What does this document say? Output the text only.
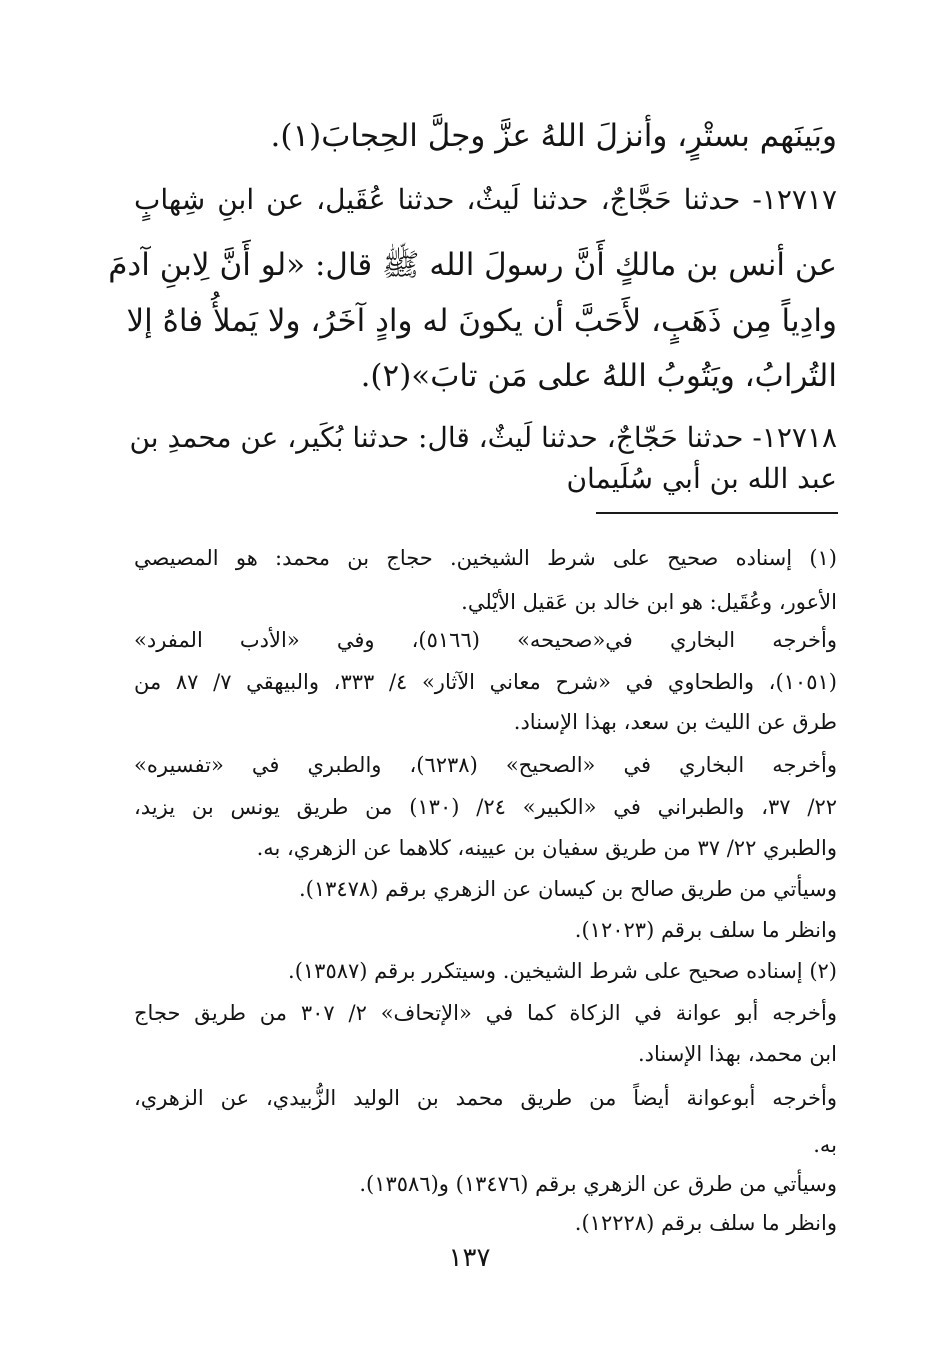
وبَينَهم بستْرٍ، وأنزلَ اللهُ عزَّ وجلَّ الحِجابَ(١).

١٢٧١٧- حدثنا حَجَّاجٌ، حدثنا لَيثٌ، حدثنا عُقَيل، عن ابنِ شِهابٍ

عن أنس بن مالكٍ أَنَّ رسولَ الله ﷺ قال: «لو أَنَّ لِابنِ آدمَ

وادِياً مِن ذَهَبٍ، لأَحَبَّ أن يكونَ له وادٍ آخَرُ، ولا يَملأُ فاهُ إلا

التُرابُ، ويَتُوبُ اللهُ على مَن تابَ»(٢).

١٢٧١٨- حدثنا حَجّاجٌ، حدثنا لَيثٌ، قال: حدثنا بُكَير، عن محمدِ بن

عبد الله بن أبي سُلَيمان

(١) إسناده صحيح على شرط الشيخين. حجاج بن محمد: هو المصيصي

الأعور، وعُقَيل: هو ابن خالد بن عَقيل الأيْلي.

وأخرجه البخاري في«صحيحه» (٥١٦٦)، وفي «الأدب المفرد»

(١٠٥١)، والطحاوي في «شرح معاني الآثار» ٤/ ٣٣٣، والبيهقي ٧/ ٨٧ من

طرق عن الليث بن سعد، بهذا الإسناد.

وأخرجه البخاري في «الصحيح» (٦٢٣٨)، والطبري في «تفسيره»

٢٢/ ٣٧، والطبراني في «الكبير» ٢٤/ (١٣٠) من طريق يونس بن يزيد،

والطبري ٢٢/ ٣٧ من طريق سفيان بن عيينه، كلاهما عن الزهري، به.

وسيأتي من طريق صالح بن كيسان عن الزهري برقم (١٣٤٧٨).

وانظر ما سلف برقم (١٢٠٢٣).

(٢) إسناده صحيح على شرط الشيخين. وسيتكرر برقم (١٣٥٨٧).

وأخرجه أبو عوانة في الزكاة كما في «الإتحاف» ٢/ ٣٠٧ من طريق حجاج

ابن محمد، بهذا الإسناد.

وأخرجه أبوعوانة أيضاً من طريق محمد بن الوليد الزُّبيدي، عن الزهري،

به.

وسيأتي من طرق عن الزهري برقم (١٣٤٧٦) و(١٣٥٨٦).

وانظر ما سلف برقم (١٢٢٢٨).

١٣٧
